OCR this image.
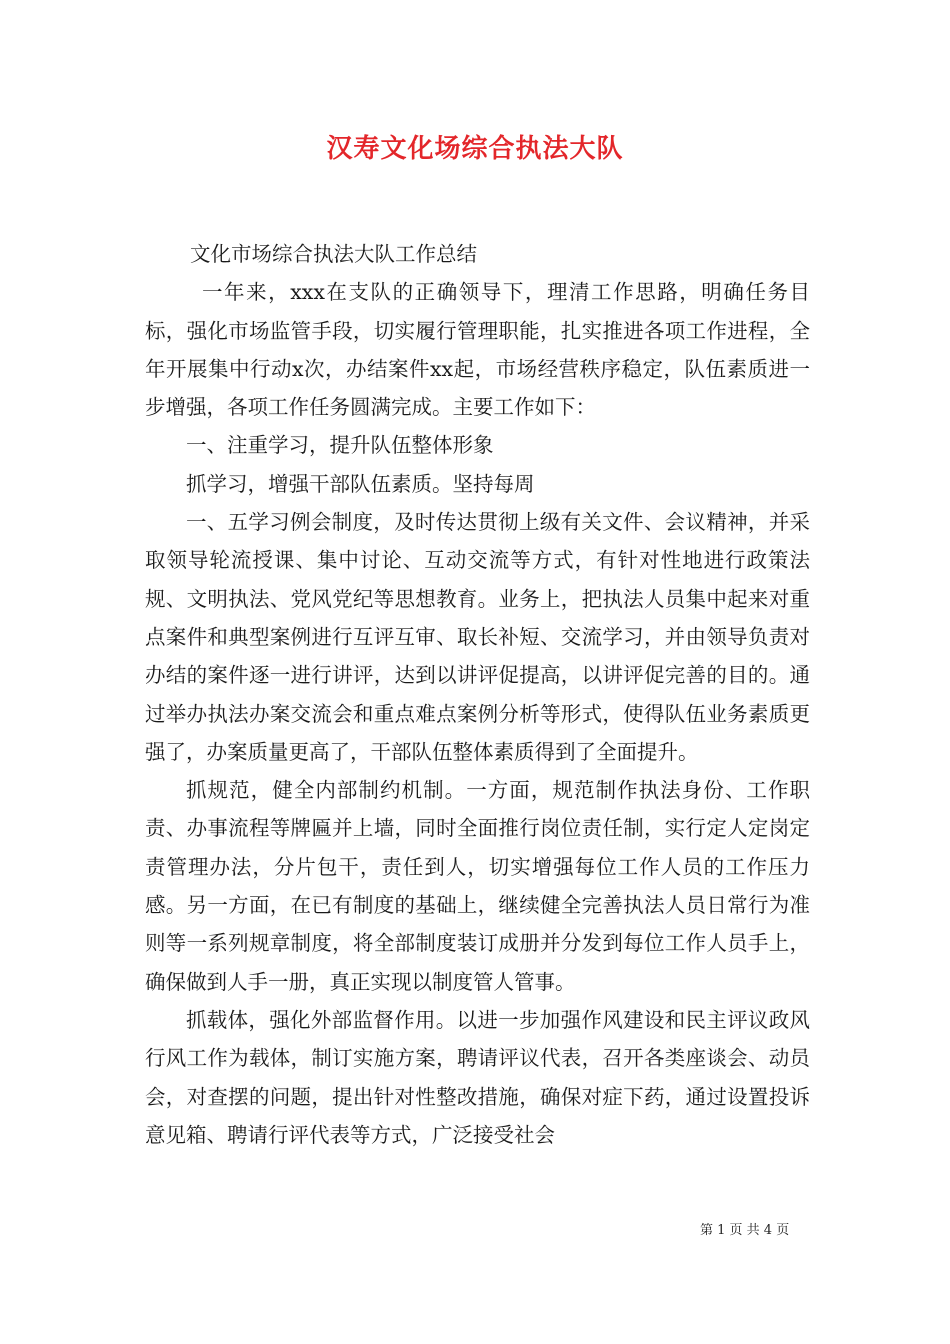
汉寿文化场综合执法大队

文化市场综合执法大队工作总结

一年来，xxx在支队的正确领导下，理清工作思路，明确任务目标，强化市场监管手段，切实履行管理职能，扎实推进各项工作进程，全年开展集中行动x次，办结案件xx起，市场经营秩序稳定，队伍素质进一步增强，各项工作任务圆满完成。主要工作如下：

一、注重学习，提升队伍整体形象

抓学习，增强干部队伍素质。坚持每周

一、五学习例会制度，及时传达贯彻上级有关文件、会议精神，并采取领导轮流授课、集中讨论、互动交流等方式，有针对性地进行政策法规、文明执法、党风党纪等思想教育。业务上，把执法人员集中起来对重点案件和典型案例进行互评互审、取长补短、交流学习，并由领导负责对办结的案件逐一进行讲评，达到以讲评促提高，以讲评促完善的目的。通过举办执法办案交流会和重点难点案例分析等形式，使得队伍业务素质更强了，办案质量更高了，干部队伍整体素质得到了全面提升。

抓规范，健全内部制约机制。一方面，规范制作执法身份、工作职责、办事流程等牌匾并上墙，同时全面推行岗位责任制，实行定人定岗定责管理办法，分片包干，责任到人，切实增强每位工作人员的工作压力感。另一方面，在已有制度的基础上，继续健全完善执法人员日常行为准则等一系列规章制度，将全部制度装订成册并分发到每位工作人员手上，确保做到人手一册，真正实现以制度管人管事。

抓载体，强化外部监督作用。以进一步加强作风建设和民主评议政风行风工作为载体，制订实施方案，聘请评议代表，召开各类座谈会、动员会，对查摆的问题，提出针对性整改措施，确保对症下药，通过设置投诉意见箱、聘请行评代表等方式，广泛接受社会

第 1 页 共 4 页
